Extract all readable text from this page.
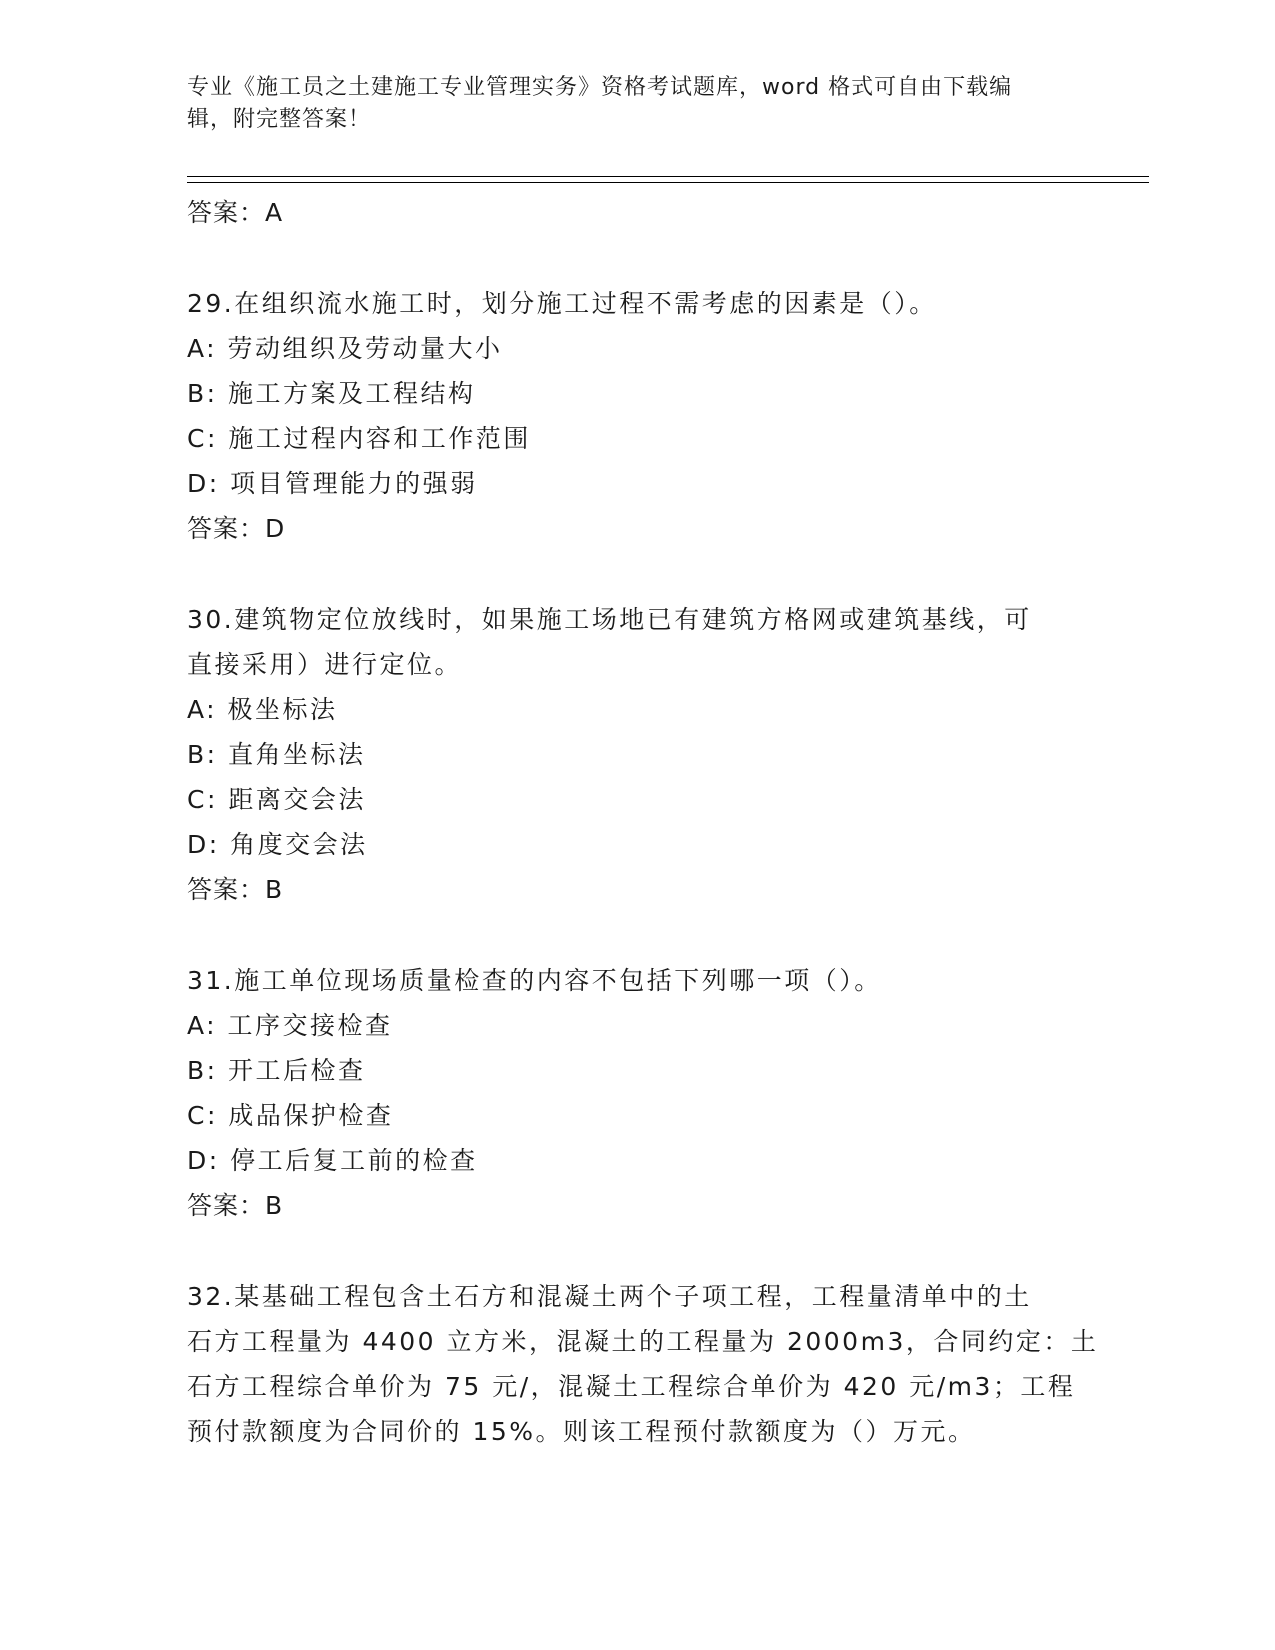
专业《施工员之土建施工专业管理实务》资格考试题库，word 格式可自由下载编
辑，附完整答案！
答案：A
29.在组织流水施工时，划分施工过程不需考虑的因素是（）。
A: 劳动组织及劳动量大小
B: 施工方案及工程结构
C: 施工过程内容和工作范围
D: 项目管理能力的强弱
答案：D
30.建筑物定位放线时，如果施工场地已有建筑方格网或建筑基线，可
直接采用）进行定位。
A: 极坐标法
B: 直角坐标法
C: 距离交会法
D: 角度交会法
答案：B
31.施工单位现场质量检查的内容不包括下列哪一项（）。
A: 工序交接检查
B: 开工后检查
C: 成品保护检查
D: 停工后复工前的检查
答案：B
32.某基础工程包含土石方和混凝土两个子项工程，工程量清单中的土
石方工程量为 4400 立方米，混凝土的工程量为 2000m3，合同约定：土
石方工程综合单价为 75 元/，混凝土工程综合单价为 420 元/m3；工程
预付款额度为合同价的 15%。则该工程预付款额度为（）万元。
